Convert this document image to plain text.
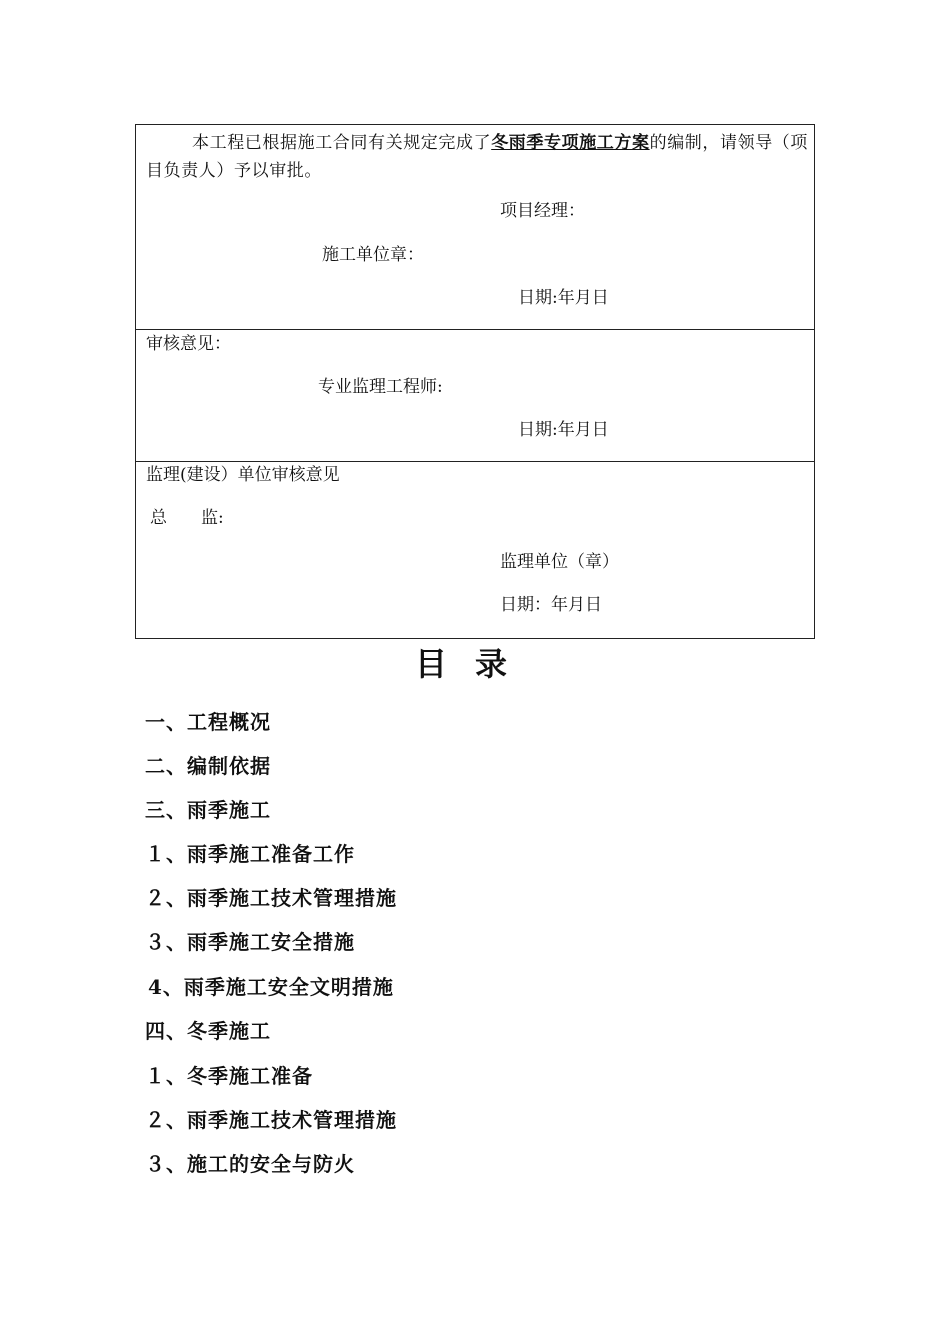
本工程已根据施工合同有关规定完成了冬雨季专项施工方案的编制，请领导（项目负责人）予以审批。
项目经理：
施工单位章：
日期:年月日
审核意见：
专业监理工程师:
日期:年月日
监理(建设）单位审核意见
总　　监:
监理单位（章）
日期：年月日
目录
一、工程概况
二、编制依据
三、雨季施工
１、雨季施工准备工作
２、雨季施工技术管理措施
３、雨季施工安全措施
4、雨季施工安全文明措施
四、冬季施工
１、冬季施工准备
２、雨季施工技术管理措施
３、施工的安全与防火
